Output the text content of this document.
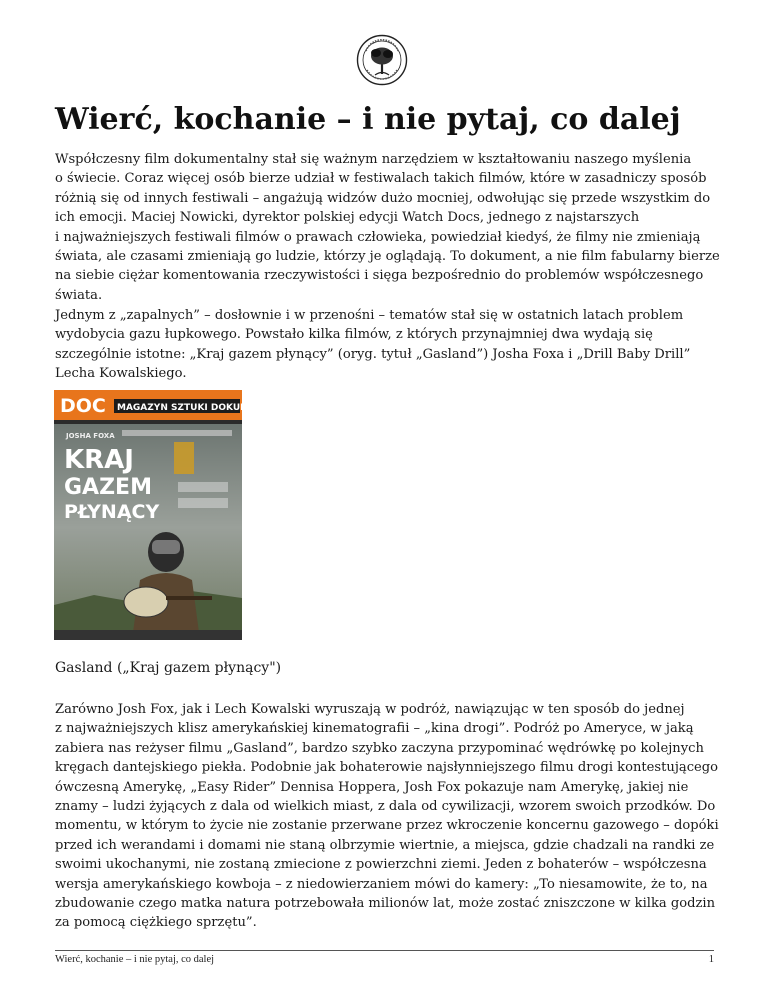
Wierć, kochanie – i nie pytaj, co dalej
Współczesny film dokumentalny stał się ważnym narzędziem w kształtowaniu naszego myślenia
o świecie. Coraz więcej osób bierze udział w festiwalach takich filmów, które w zasadniczy sposób
różnią się od innych festiwali – angażują widzów dużo mocniej, odwołując się przede wszystkim do
ich emocji. Maciej Nowicki, dyrektor polskiej edycji Watch Docs, jednego z najstarszych
i najważniejszych festiwali filmów o prawach człowieka, powiedział kiedyś, że filmy nie zmieniają
świata, ale czasami zmieniają go ludzie, którzy je oglądają. To dokument, a nie film fabularny bierze
na siebie ciężar komentowania rzeczywistości i sięga bezpośrednio do problemów współczesnego
świata.
Jednym z „zapalnych” – dosłownie i w przenośni – tematów stał się w ostatnich latach problem
wydobycia gazu łupkowego. Powstało kilka filmów, z których przynajmniej dwa wydają się
szczególnie istotne: „Kraj gazem płynący” (oryg. tytuł „Gasland”) Josha Foxa i „Drill Baby Drill”
Lecha Kowalskiego.
DOC MAGAZYN SZTUKI DOKUMENTU
JOSHA FOXA
KRAJ
GAZEM
PŁYNĄCY

Gasland („Kraj gazem płynący")

Zarówno Josh Fox, jak i Lech Kowalski wyruszają w podróż, nawiązując w ten sposób do jednej
z najważniejszych klisz amerykańskiej kinematografii – „kina drogi”. Podróż po Ameryce, w jaką
zabiera nas reżyser filmu „Gasland”, bardzo szybko zaczyna przypominać wędrówkę po kolejnych
kręgach dantejskiego piekła. Podobnie jak bohaterowie najsłynniejszego filmu drogi kontestującego
ówczesną Amerykę, „Easy Rider” Dennisa Hoppera, Josh Fox pokazuje nam Amerykę, jakiej nie
znamy – ludzi żyjących z dala od wielkich miast, z dala od cywilizacji, wzorem swoich przodków. Do
momentu, w którym to życie nie zostanie przerwane przez wkroczenie koncernu gazowego – dopóki
przed ich werandami i domami nie staną olbrzymie wiertnie, a miejsca, gdzie chadzali na randki ze
swoimi ukochanymi, nie zostaną zmiecione z powierzchni ziemi. Jeden z bohaterów – współczesna
wersja amerykańskiego kowboja – z niedowierzaniem mówi do kamery: „To niesamowite, że to, na
zbudowanie czego matka natura potrzebowała milionów lat, może zostać zniszczone w kilka godzin
za pomocą ciężkiego sprzętu”.
Wierć, kochanie – i nie pytaj, co dalej	1
